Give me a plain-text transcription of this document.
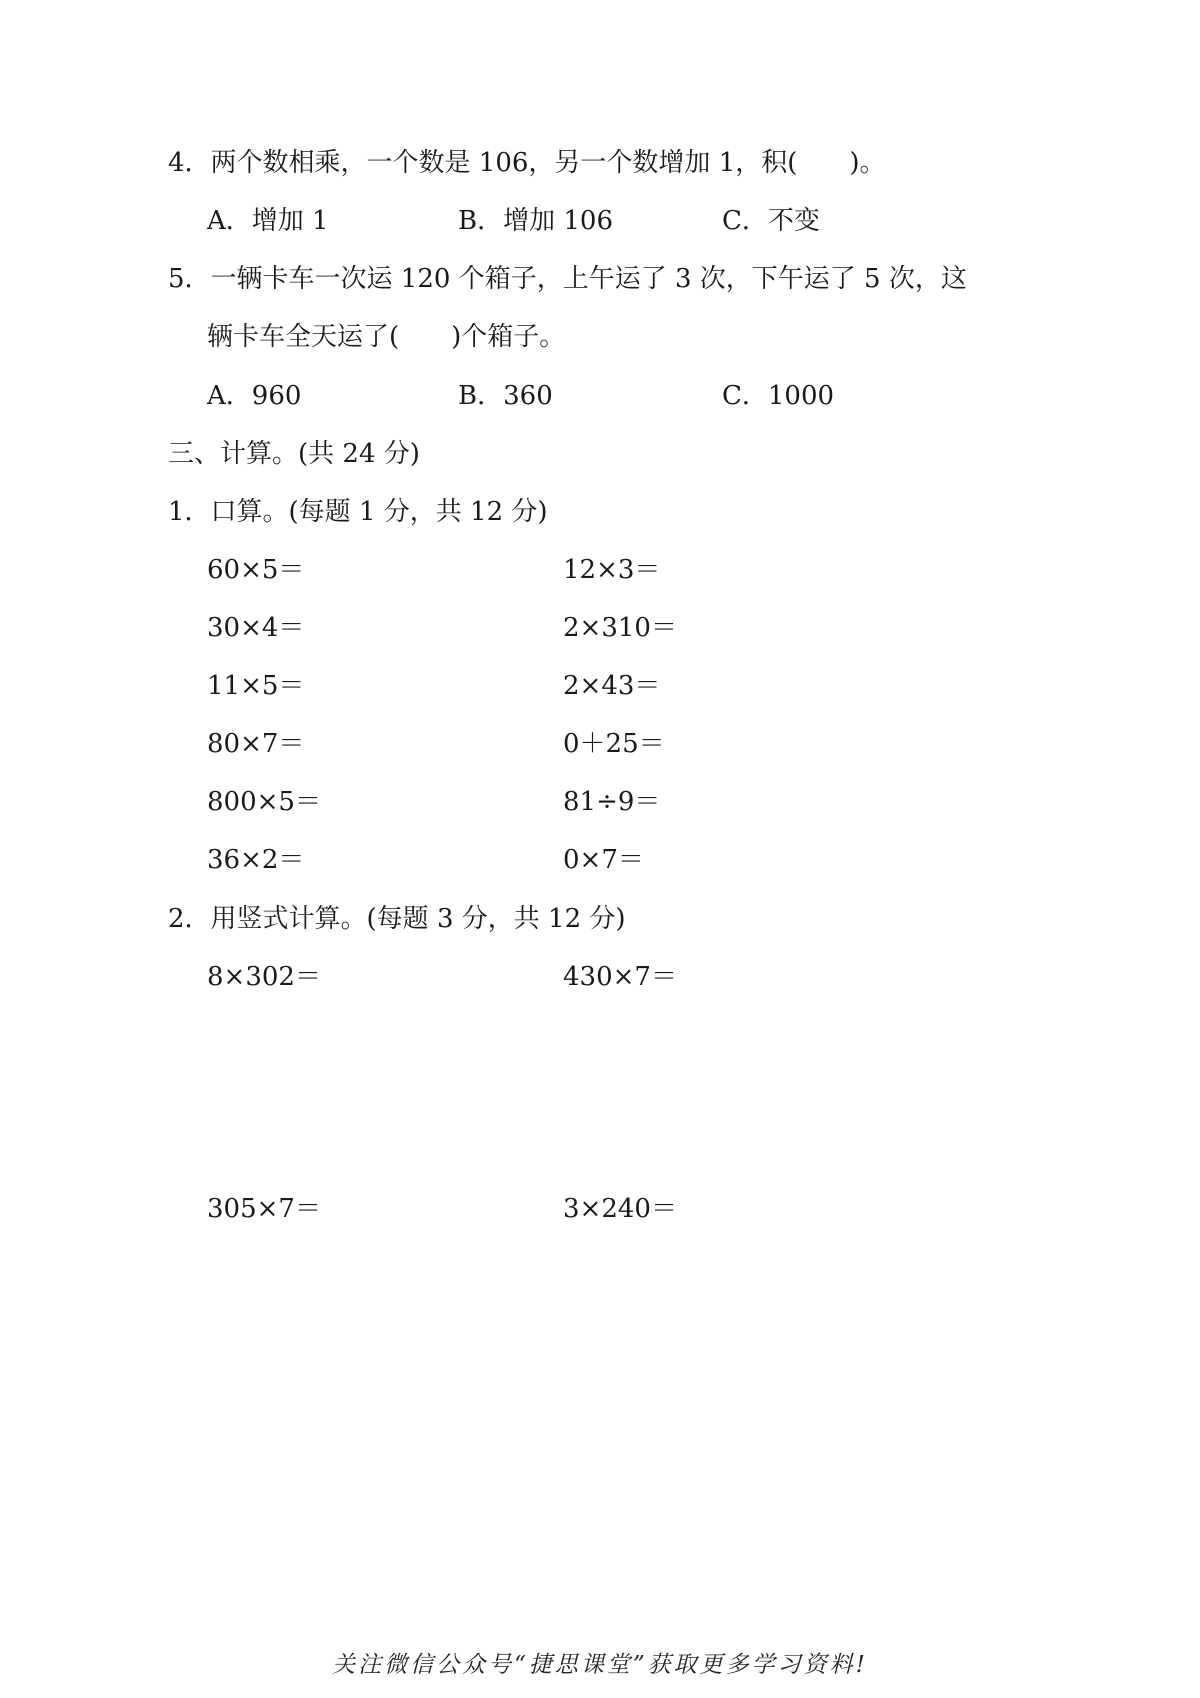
4．两个数相乘，一个数是 106，另一个数增加 1，积(　　)。
A．增加 1	B．增加 106	C．不变
5．一辆卡车一次运 120 个箱子，上午运了 3 次，下午运了 5 次，这
辆卡车全天运了(　　)个箱子。
A．960	B．360	C．1000
三、计算。(共 24 分)
1．口算。(每题 1 分，共 12 分)
60×5＝	12×3＝
30×4＝	2×310＝
11×5＝	2×43＝
80×7＝	0＋25＝
800×5＝	81÷9＝
36×2＝	0×7＝
2．用竖式计算。(每题 3 分，共 12 分)
8×302＝	430×7＝
305×7＝	3×240＝
关注微信公众号“捷思课堂”获取更多学习资料!
